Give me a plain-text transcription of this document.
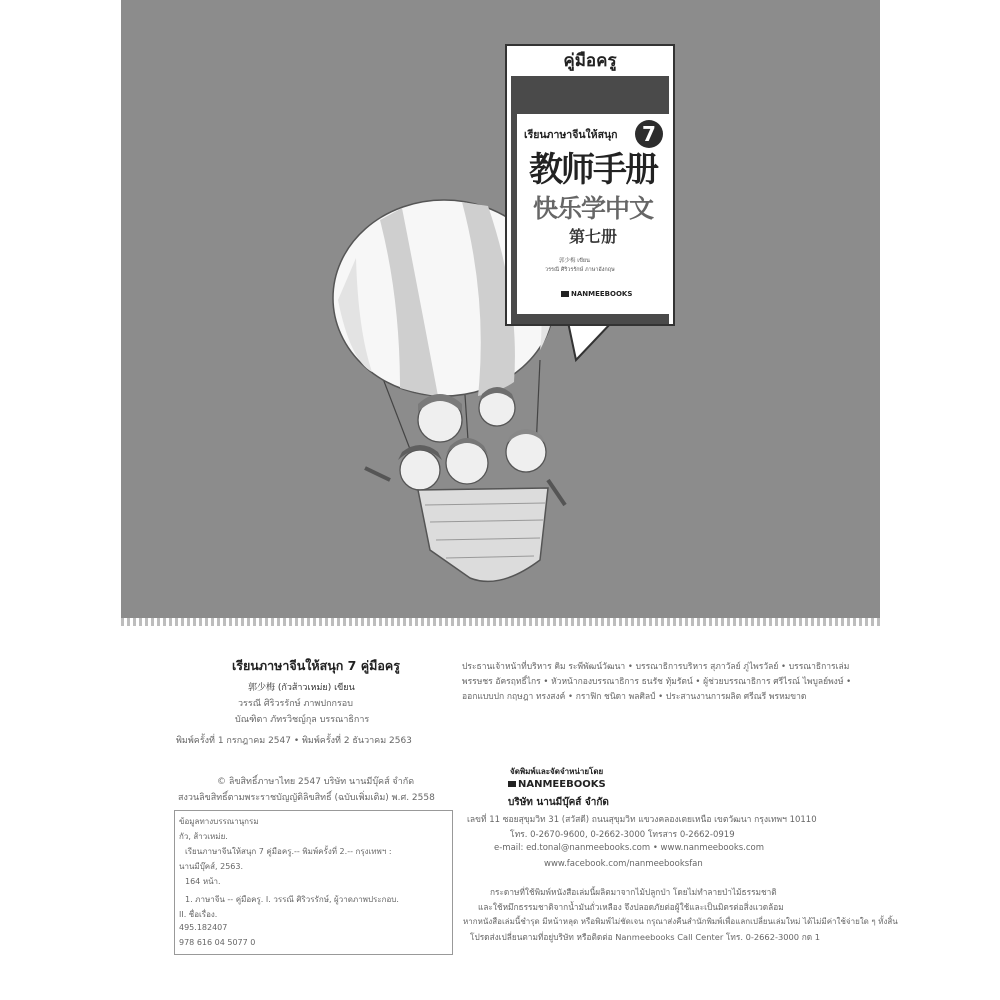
คู่มือครู
เรียนภาษาจีนให้สนุก	7
教师手册
快乐学中文
第七册
郭少梅 เขียน
วรรณี ศิริวรรักษ์ ภาษาอังกฤษ
NANMEEBOOKS
เรียนภาษาจีนให้สนุก 7 คู่มือครู
郭少梅 (กัวส้าวเหม่ย) เขียน
วรรณี ศิริวรรักษ์ ภาพปกกรอบ
บัณฑิตา ภัทรวิชญ์กุล บรรณาธิการ
พิมพ์ครั้งที่ 1 กรกฎาคม 2547 • พิมพ์ครั้งที่ 2 ธันวาคม 2563
© ลิขสิทธิ์ภาษาไทย 2547 บริษัท นานมีบุ๊คส์ จำกัด
สงวนลิขสิทธิ์ตามพระราชบัญญัติลิขสิทธิ์ (ฉบับเพิ่มเติม) พ.ศ. 2558
ข้อมูลทางบรรณานุกรม
กัว, ส้าวเหม่ย.
เรียนภาษาจีนให้สนุก 7 คู่มือครู.-- พิมพ์ครั้งที่ 2.-- กรุงเทพฯ :
นานมีบุ๊คส์, 2563.
164 หน้า.
1. ภาษาจีน -- คู่มือครู. I. วรรณี ศิริวรรักษ์, ผู้วาดภาพประกอบ.
II. ชื่อเรื่อง.
495.182407
978 616 04 5077 0
ประธานเจ้าหน้าที่บริหาร คิม ระพีพัฒน์วัฒนา • บรรณาธิการบริหาร สุภาวัลย์ ภู่ไพรวัลย์ • บรรณาธิการเล่ม
พรรษชร อัครฤทธิ์ไกร • หัวหน้ากองบรรณาธิการ ธนรัช ทุ้มรัตน์ • ผู้ช่วยบรรณาธิการ ศรีไรณ์ ไพบูลย์พงษ์ •
ออกแบบปก กฤษฎา ทรงสงค์ • กราฟิก ชนิดา พลศิลป์ • ประสานงานการผลิต ศรีณรี พรหมขาด
จัดพิมพ์และจัดจำหน่ายโดย
NANMEEBOOKS
บริษัท นานมีบุ๊คส์ จำกัด
เลขที่ 11 ซอยสุขุมวิท 31 (สวัสดี) ถนนสุขุมวิท แขวงคลองเตยเหนือ เขตวัฒนา กรุงเทพฯ 10110
โทร. 0-2670-9600, 0-2662-3000 โทรสาร 0-2662-0919
e-mail: ed.tonal@nanmeebooks.com • www.nanmeebooks.com
www.facebook.com/nanmeebooksfan
กระดาษที่ใช้พิมพ์หนังสือเล่มนี้ผลิตมาจากไม้ปลูกป่า โดยไม่ทำลายป่าไม้ธรรมชาติ
และใช้หมึกธรรมชาติจากน้ำมันถั่วเหลือง จึงปลอดภัยต่อผู้ใช้และเป็นมิตรต่อสิ่งแวดล้อม
หากหนังสือเล่มนี้ชำรุด มีหน้าหลุด หรือพิมพ์ไม่ชัดเจน กรุณาส่งคืนสำนักพิมพ์เพื่อแลกเปลี่ยนเล่มใหม่ ได้ไม่มีค่าใช้จ่ายใด ๆ ทั้งสิ้น
โปรดส่งเปลี่ยนตามที่อยู่บริษัท หรือติดต่อ Nanmeebooks Call Center โทร. 0-2662-3000 กด 1
